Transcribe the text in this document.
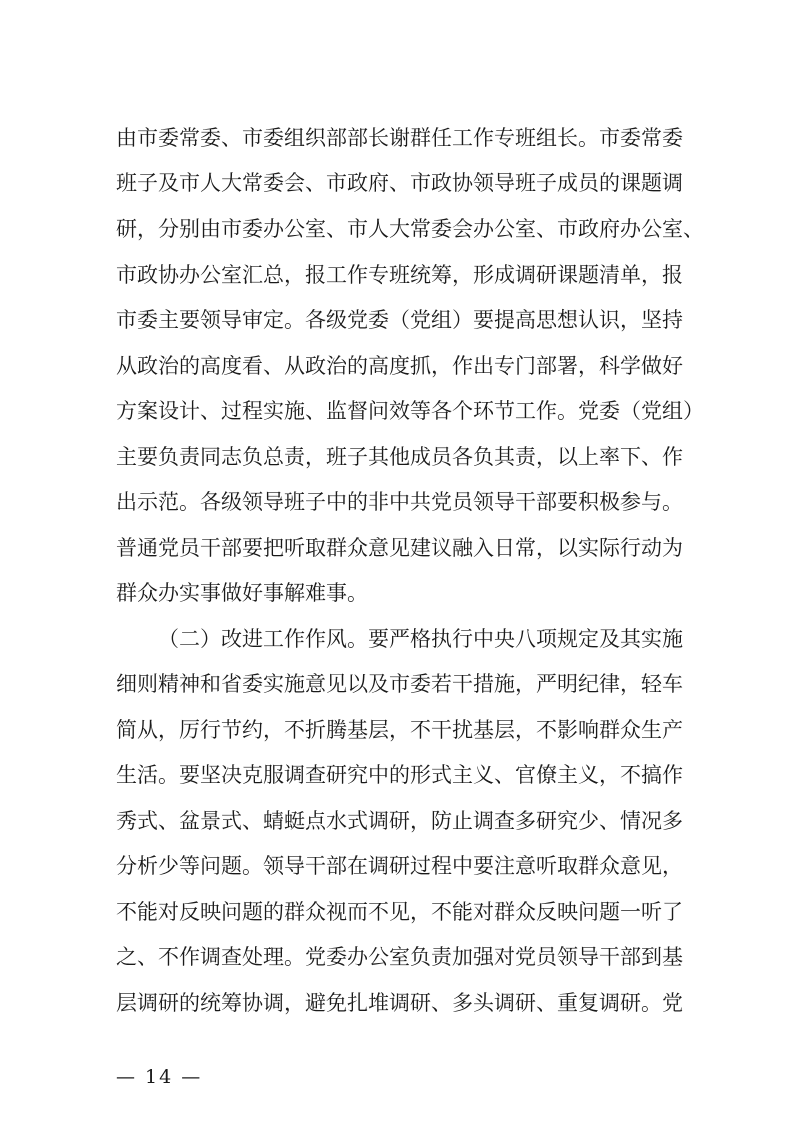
由市委常委、市委组织部部长谢群任工作专班组长。市委常委
班子及市人大常委会、市政府、市政协领导班子成员的课题调
研，分别由市委办公室、市人大常委会办公室、市政府办公室、
市政协办公室汇总，报工作专班统筹，形成调研课题清单，报
市委主要领导审定。各级党委（党组）要提高思想认识，坚持
从政治的高度看、从政治的高度抓，作出专门部署，科学做好
方案设计、过程实施、监督问效等各个环节工作。党委（党组）
主要负责同志负总责，班子其他成员各负其责，以上率下、作
出示范。各级领导班子中的非中共党员领导干部要积极参与。
普通党员干部要把听取群众意见建议融入日常，以实际行动为
群众办实事做好事解难事。
（二）改进工作作风。要严格执行中央八项规定及其实施
细则精神和省委实施意见以及市委若干措施，严明纪律，轻车
简从，厉行节约，不折腾基层，不干扰基层，不影响群众生产
生活。要坚决克服调查研究中的形式主义、官僚主义，不搞作
秀式、盆景式、蜻蜓点水式调研，防止调查多研究少、情况多
分析少等问题。领导干部在调研过程中要注意听取群众意见，
不能对反映问题的群众视而不见，不能对群众反映问题一听了
之、不作调查处理。党委办公室负责加强对党员领导干部到基
层调研的统筹协调，避免扎堆调研、多头调研、重复调研。党
— 14 —
